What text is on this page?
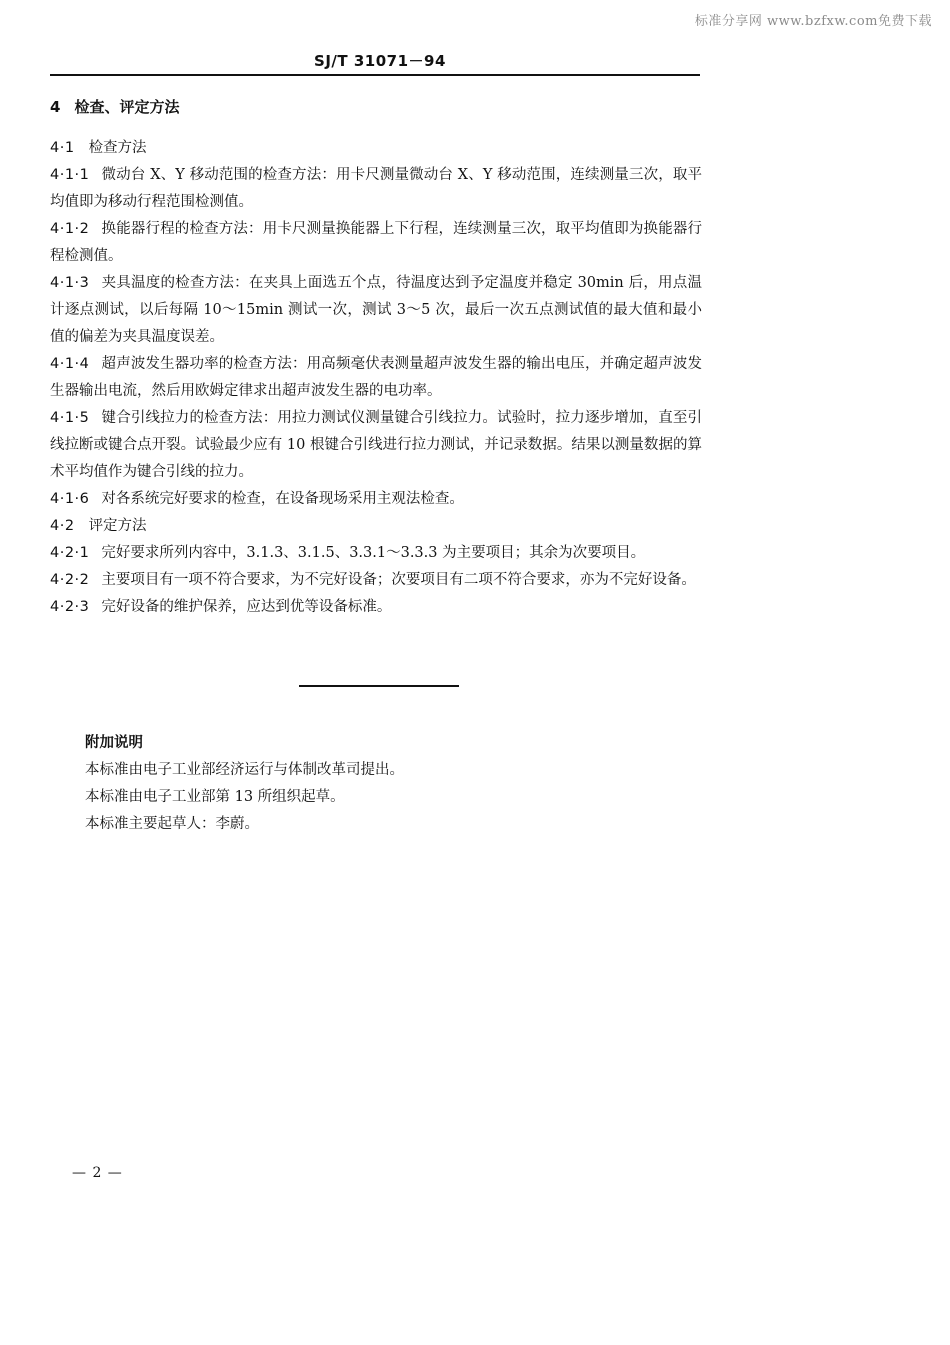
标准分享网 www.bzfxw.com免费下载
SJ/T 31071－94
4 检查、评定方法

4·1 检查方法

4·1·1 微动台 X、Y 移动范围的检查方法：用卡尺测量微动台 X、Y 移动范围，连续测量三次，取平均值即为移动行程范围检测值。

4·1·2 换能器行程的检查方法：用卡尺测量换能器上下行程，连续测量三次，取平均值即为换能器行程检测值。

4·1·3 夹具温度的检查方法：在夹具上面选五个点，待温度达到予定温度并稳定 30min 后，用点温计逐点测试，以后每隔 10～15min 测试一次，测试 3～5 次，最后一次五点测试值的最大值和最小值的偏差为夹具温度误差。

4·1·4 超声波发生器功率的检查方法：用高频毫伏表测量超声波发生器的输出电压，并确定超声波发生器输出电流，然后用欧姆定律求出超声波发生器的电功率。

4·1·5 键合引线拉力的检查方法：用拉力测试仪测量键合引线拉力。试验时，拉力逐步增加，直至引线拉断或键合点开裂。试验最少应有 10 根键合引线进行拉力测试，并记录数据。结果以测量数据的算术平均值作为键合引线的拉力。

4·1·6 对各系统完好要求的检查，在设备现场采用主观法检查。

4·2 评定方法

4·2·1 完好要求所列内容中，3.1.3、3.1.5、3.3.1～3.3.3 为主要项目；其余为次要项目。

4·2·2 主要项目有一项不符合要求，为不完好设备；次要项目有二项不符合要求，亦为不完好设备。

4·2·3 完好设备的维护保养，应达到优等设备标准。

附加说明

本标准由电子工业部经济运行与体制改革司提出。

本标准由电子工业部第 13 所组织起草。

本标准主要起草人：李蔚。

— 2 —
